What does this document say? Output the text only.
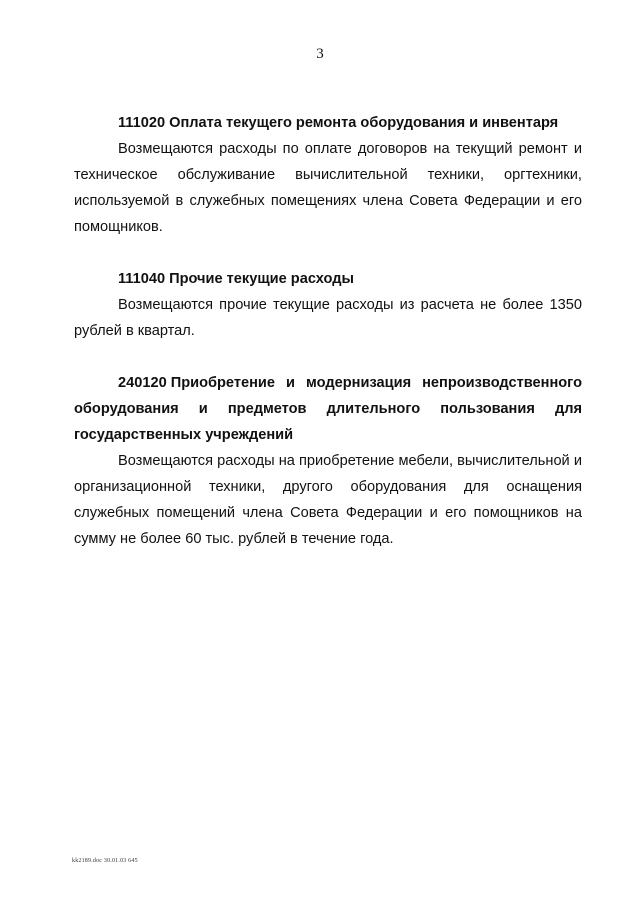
3

111020 Оплата текущего ремонта оборудования и инвентаря

Возмещаются расходы по оплате договоров на текущий ремонт и техническое обслуживание вычислительной техники, оргтехники, используемой в служебных помещениях члена Совета Федерации и его помощников.

111040 Прочие текущие расходы

Возмещаются прочие текущие расходы из расчета не более 1350 рублей в квартал.

240120 Приобретение и модернизация непроизводственного оборудования и предметов длительного пользования для государственных учреждений

Возмещаются расходы на приобретение мебели, вычислительной и организационной техники, другого оборудования для оснащения служебных помещений члена Совета Федерации и его помощников на сумму не более 60 тыс. рублей в течение года.

kk2189.doc 30.01.03 645
